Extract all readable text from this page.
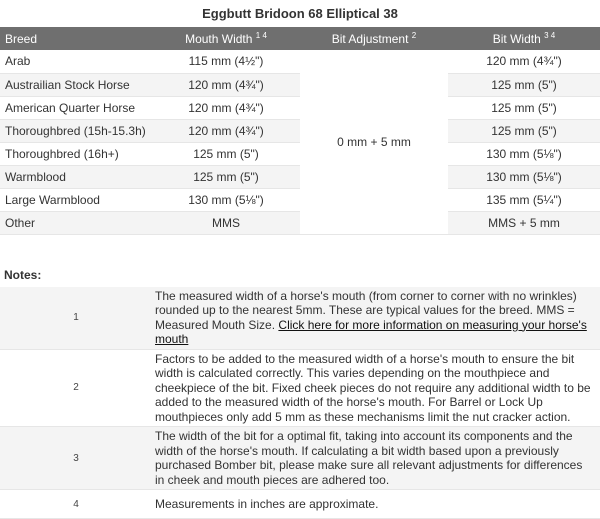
Eggbutt Bridoon 68 Elliptical 38
Breed	Mouth Width $^{1 4}$	Bit Adjustment $^2$	Bit Width $^{3 4}$
Arab	115 mm (4½")	0 mm + 5 mm	120 mm (4¾")
Austrailian Stock Horse	120 mm (4¾")		125 mm (5")
American Quarter Horse	120 mm (4¾")		125 mm (5")
Thoroughbred (15h-15.3h)	120 mm (4¾")		125 mm (5")
Thoroughbred (16h+)	125 mm (5")		130 mm (5⅛")
Warmblood	125 mm (5")		130 mm (5⅛")
Large Warmblood	130 mm (5⅛")		135 mm (5¼")
Other	MMS		MMS + 5 mm
Notes:
1	The measured width of a horse's mouth (from corner to corner with no wrinkles) rounded up to the nearest 5mm. These are typical values for the breed. MMS = Measured Mouth Size. Click here for more information on measuring your horse's mouth
2	Factors to be added to the measured width of a horse's mouth to ensure the bit width is calculated correctly. This varies depending on the mouthpiece and cheekpiece of the bit. Fixed cheek pieces do not require any additional width to be added to the measured width of the horse's mouth. For Barrel or Lock Up mouthpieces only add 5 mm as these mechanisms limit the nut cracker action.
3	The width of the bit for a optimal fit, taking into account its components and the width of the horse's mouth. If calculating a bit width based upon a previously purchased Bomber bit, please make sure all relevant adjustments for differences in cheek and mouth pieces are adhered too.
4	Measurements in inches are approximate.
